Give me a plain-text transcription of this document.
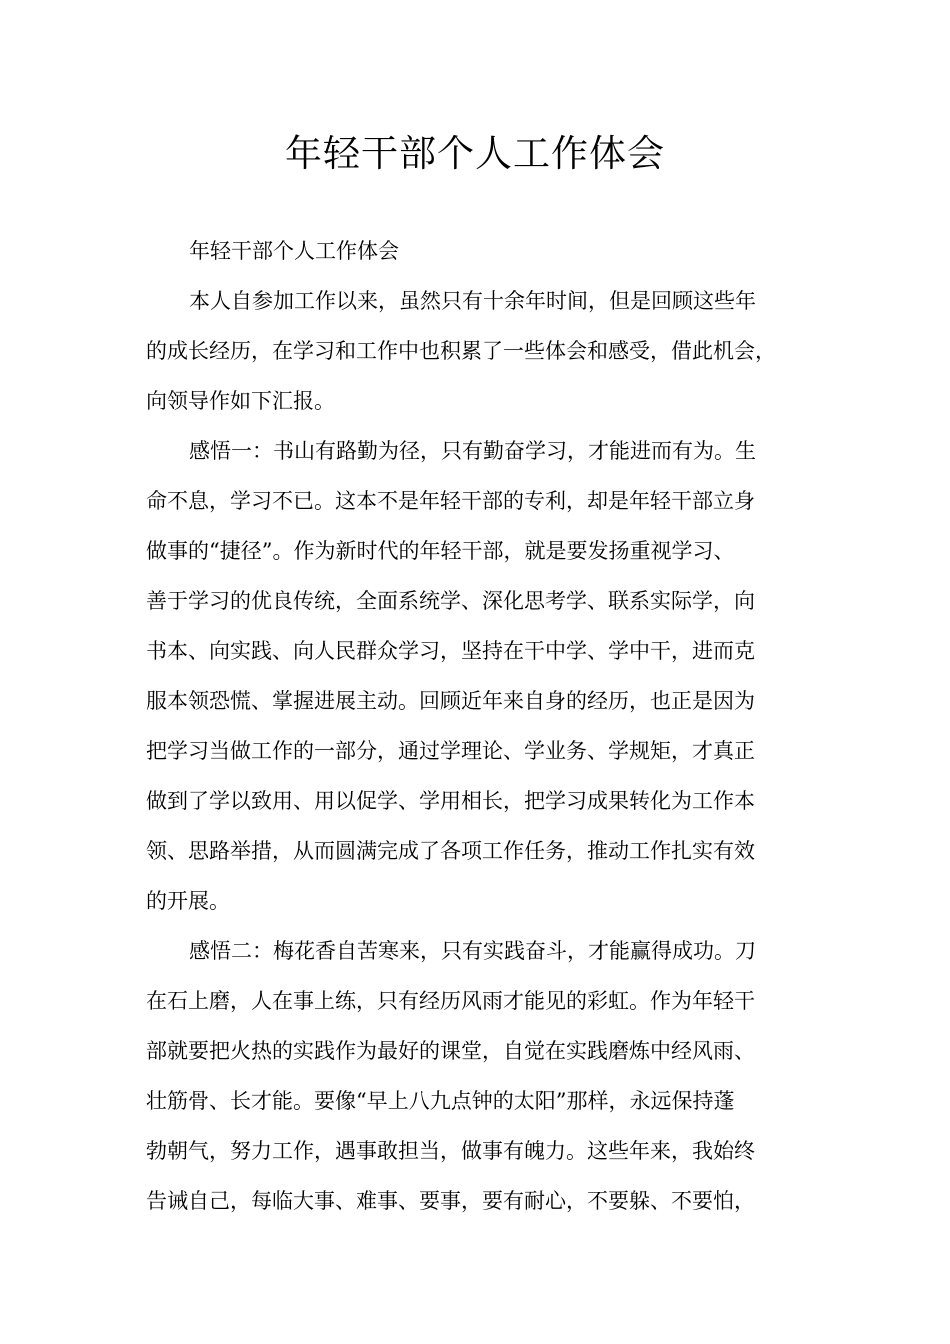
年轻干部个人工作体会
年轻干部个人工作体会
本人自参加工作以来，虽然只有十余年时间，但是回顾这些年
的成长经历，在学习和工作中也积累了一些体会和感受，借此机会，
向领导作如下汇报。
感悟一：书山有路勤为径，只有勤奋学习，才能进而有为。生
命不息，学习不已。这本不是年轻干部的专利，却是年轻干部立身
做事的“捷径”。作为新时代的年轻干部，就是要发扬重视学习、
善于学习的优良传统，全面系统学、深化思考学、联系实际学，向
书本、向实践、向人民群众学习，坚持在干中学、学中干，进而克
服本领恐慌、掌握进展主动。回顾近年来自身的经历，也正是因为
把学习当做工作的一部分，通过学理论、学业务、学规矩，才真正
做到了学以致用、用以促学、学用相长，把学习成果转化为工作本
领、思路举措，从而圆满完成了各项工作任务，推动工作扎实有效
的开展。
感悟二：梅花香自苦寒来，只有实践奋斗，才能赢得成功。刀
在石上磨，人在事上练，只有经历风雨才能见的彩虹。作为年轻干
部就要把火热的实践作为最好的课堂，自觉在实践磨炼中经风雨、
壮筋骨、长才能。要像“早上八九点钟的太阳”那样，永远保持蓬
勃朝气，努力工作，遇事敢担当，做事有魄力。这些年来，我始终
告诫自己，每临大事、难事、要事，要有耐心，不要躲、不要怕，
